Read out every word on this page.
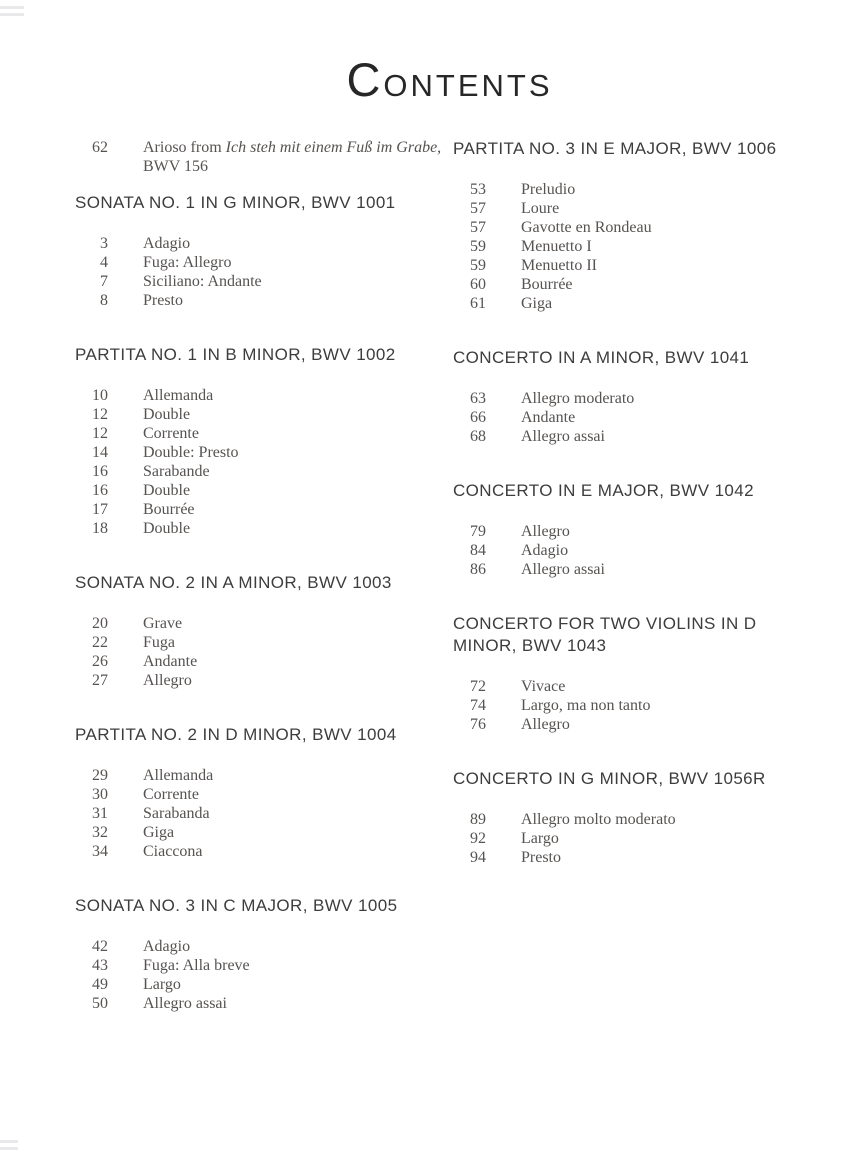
CONTENTS
62 Arioso from Ich steh mit einem Fuß im Grabe, BWV 156
SONATA NO. 1 IN G MINOR, BWV 1001
3 Adagio
4 Fuga: Allegro
7 Siciliano: Andante
8 Presto
PARTITA NO. 1 IN B MINOR, BWV 1002
10 Allemanda
12 Double
12 Corrente
14 Double: Presto
16 Sarabande
16 Double
17 Bourrée
18 Double
SONATA NO. 2 IN A MINOR, BWV 1003
20 Grave
22 Fuga
26 Andante
27 Allegro
PARTITA NO. 2 IN D MINOR, BWV 1004
29 Allemanda
30 Corrente
31 Sarabanda
32 Giga
34 Ciaccona
SONATA NO. 3 IN C MAJOR, BWV 1005
42 Adagio
43 Fuga: Alla breve
49 Largo
50 Allegro assai
PARTITA NO. 3 IN E MAJOR, BWV 1006
53 Preludio
57 Loure
57 Gavotte en Rondeau
59 Menuetto I
59 Menuetto II
60 Bourrée
61 Giga
CONCERTO IN A MINOR, BWV 1041
63 Allegro moderato
66 Andante
68 Allegro assai
CONCERTO IN E MAJOR, BWV 1042
79 Allegro
84 Adagio
86 Allegro assai
CONCERTO FOR TWO VIOLINS IN D MINOR, BWV 1043
72 Vivace
74 Largo, ma non tanto
76 Allegro
CONCERTO IN G MINOR, BWV 1056R
89 Allegro molto moderato
92 Largo
94 Presto
